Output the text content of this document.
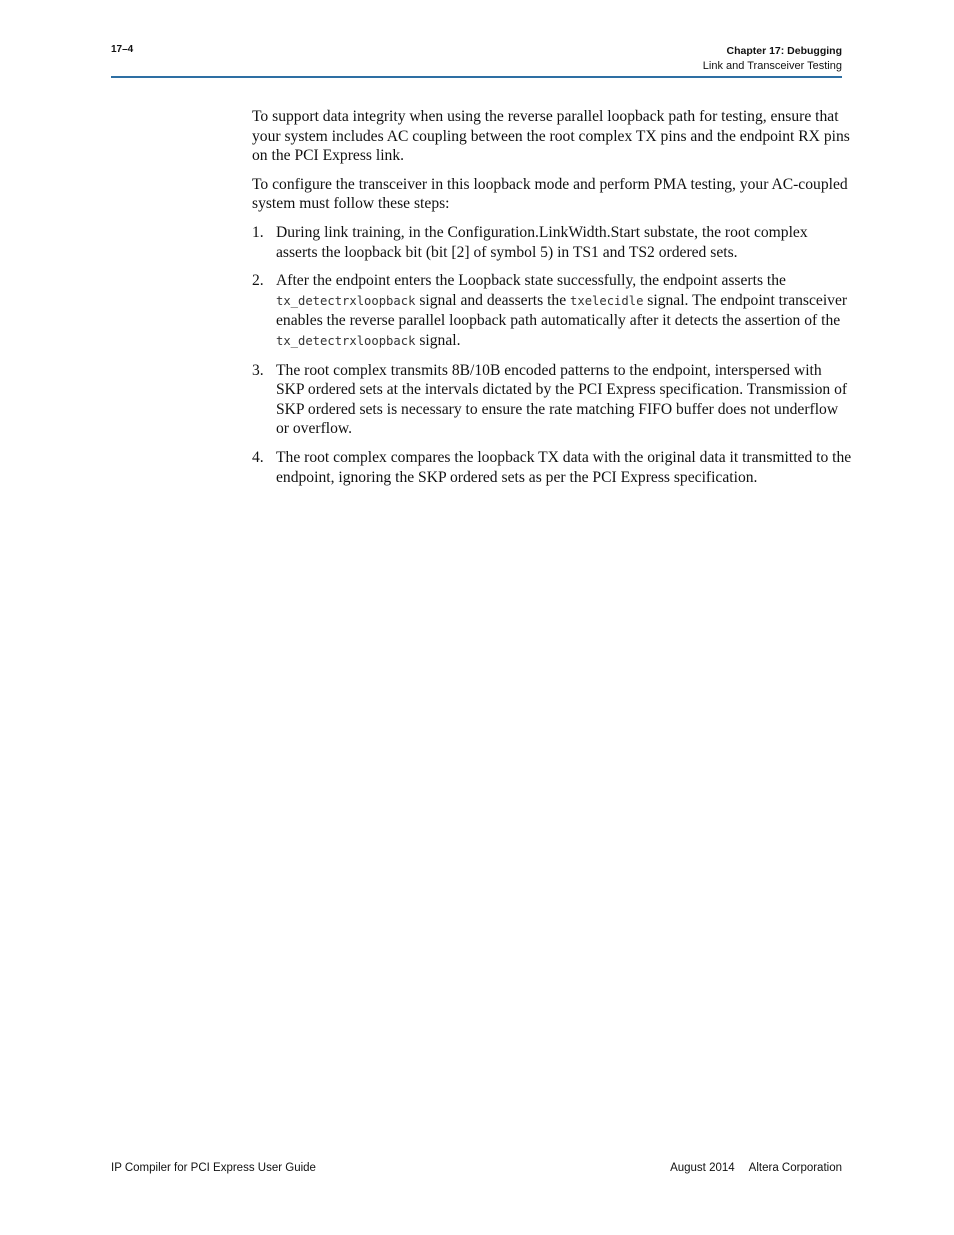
17–4	Chapter 17: Debugging
Link and Transceiver Testing

To support data integrity when using the reverse parallel loopback path for testing, ensure that your system includes AC coupling between the root complex TX pins and the endpoint RX pins on the PCI Express link.

To configure the transceiver in this loopback mode and perform PMA testing, your AC-coupled system must follow these steps:

1. During link training, in the Configuration.LinkWidth.Start substate, the root complex asserts the loopback bit (bit [2] of symbol 5) in TS1 and TS2 ordered sets.
2. After the endpoint enters the Loopback state successfully, the endpoint asserts the tx_detectrxloopback signal and deasserts the txelecidle signal. The endpoint transceiver enables the reverse parallel loopback path automatically after it detects the assertion of the tx_detectrxloopback signal.
3. The root complex transmits 8B/10B encoded patterns to the endpoint, interspersed with SKP ordered sets at the intervals dictated by the PCI Express specification. Transmission of SKP ordered sets is necessary to ensure the rate matching FIFO buffer does not underflow or overflow.
4. The root complex compares the loopback TX data with the original data it transmitted to the endpoint, ignoring the SKP ordered sets as per the PCI Express specification.
IP Compiler for PCI Express User Guide	August 2014 Altera Corporation
